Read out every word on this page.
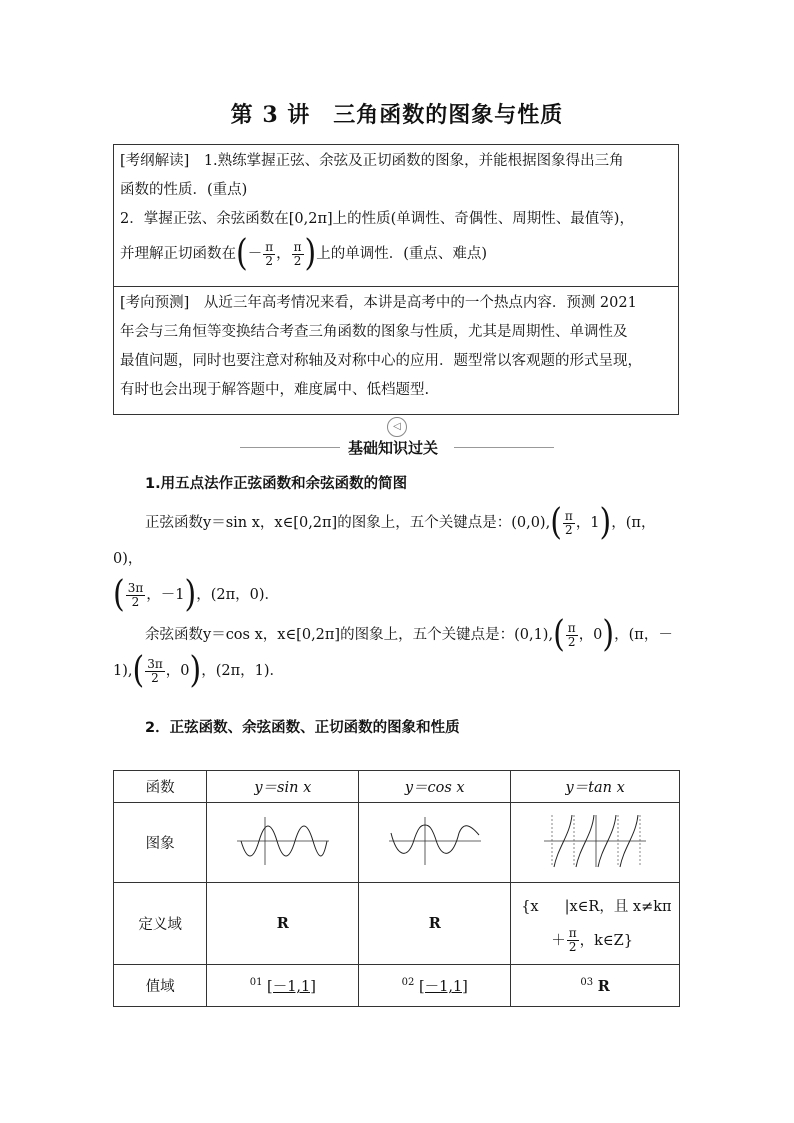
第 3 讲　三角函数的图象与性质
[考纲解读]　 1.熟练掌握正弦、余弦及正切函数的图象，并能根据图象得出三角
函数的性质．(重点)
2．掌握正弦、余弦函数在[0,2π]上的性质(单调性、奇偶性、周期性、最值等)，
并理解正切函数在(－ $\frac{\pi}{2}$ ， $\frac{\pi}{2}$ )上的单调性．(重点、难点)
[考向预测]　 从近三年高考情况来看，本讲是高考中的一个热点内容．预测 2021
年会与三角恒等变换结合考查三角函数的图象与性质，尤其是周期性、单调性及
最值问题，同时也要注意对称轴及对称中心的应用．题型常以客观题的形式呈现，
有时也会出现于解答题中，难度属中、低档题型.
◁
基础知识过关
1.用五点法作正弦函数和余弦函数的简图
正弦函数y＝sin x，x∈[0,2π]的图象上，五个关键点是：$(0,0),( \frac{\pi}{2}$ ，1)，(π，0)，
( $\frac{3\pi}{2}$ ，－1)，(2π，0)．
余弦函数y＝cos x，x∈[0,2π]的图象上，五个关键点是：$(0,1),( \frac{\pi}{2}$ ，0)，(π，－
$1),( \frac{3\pi}{2}$ ，0)，(2π，1)．
2．正弦函数、余弦函数、正切函数的图象和性质
函数	y＝sin x	y＝cos x	y＝tan x
图象			
定义域	R	R	{x |x∈R，且 x≠kπ
＋ $\frac{\pi}{2}$ ，k∈Z}

值域	$^{01}$ [－1,1]	$^{02}$ [－1,1]	$^{03}$ R
